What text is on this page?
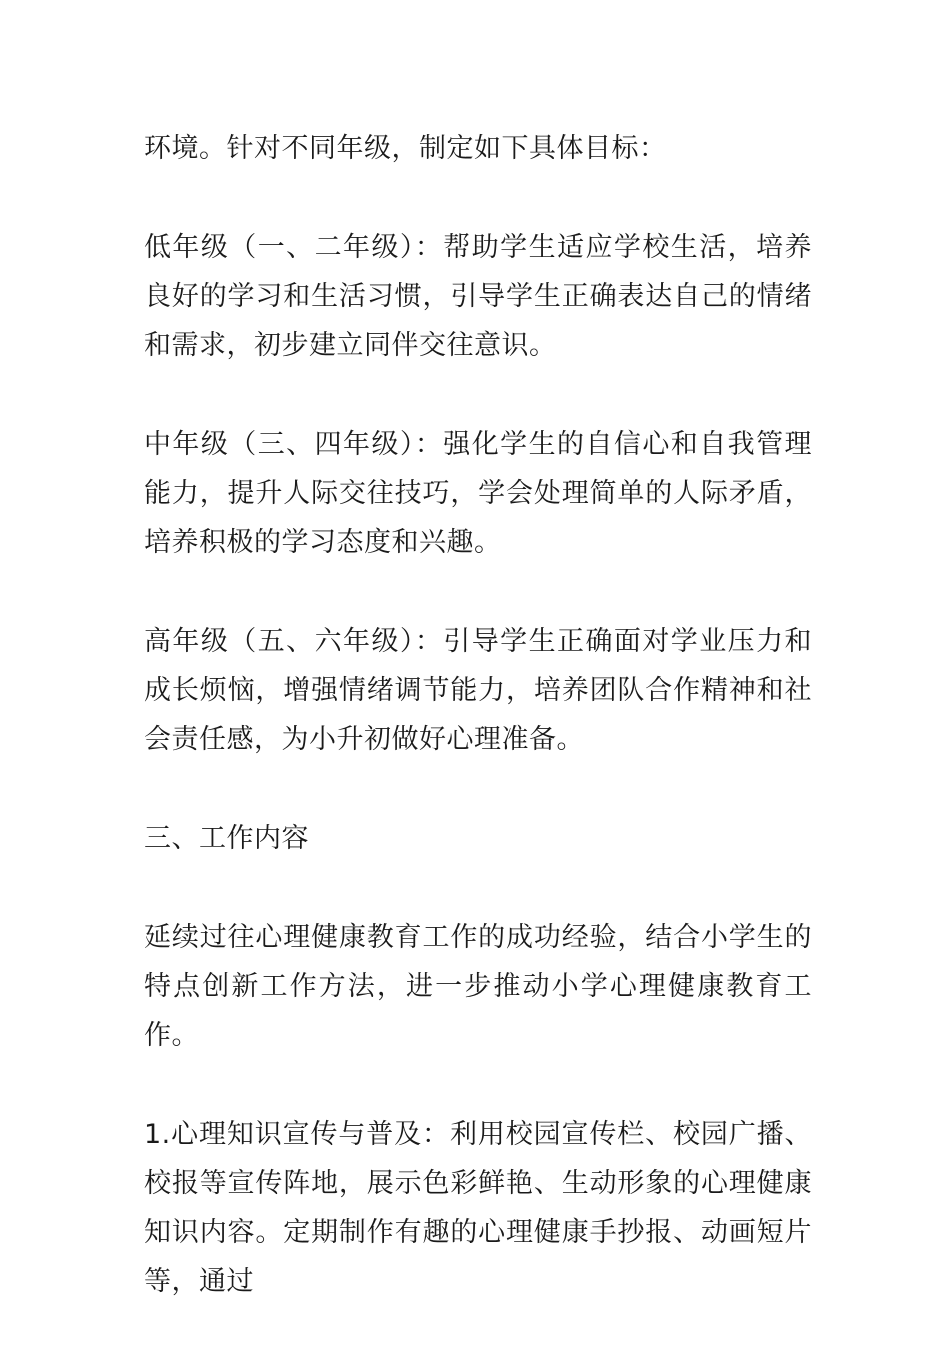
环境。针对不同年级，制定如下具体目标：

低年级（一、二年级）：帮助学生适应学校生活，培养良好的学习和生活习惯，引导学生正确表达自己的情绪和需求，初步建立同伴交往意识。

中年级（三、四年级）：强化学生的自信心和自我管理能力，提升人际交往技巧，学会处理简单的人际矛盾，培养积极的学习态度和兴趣。

高年级（五、六年级）：引导学生正确面对学业压力和成长烦恼，增强情绪调节能力，培养团队合作精神和社会责任感，为小升初做好心理准备。

三、工作内容

延续过往心理健康教育工作的成功经验，结合小学生的特点创新工作方法，进一步推动小学心理健康教育工作。

1.心理知识宣传与普及：利用校园宣传栏、校园广播、校报等宣传阵地，展示色彩鲜艳、生动形象的心理健康知识内容。定期制作有趣的心理健康手抄报、动画短片等，通过
